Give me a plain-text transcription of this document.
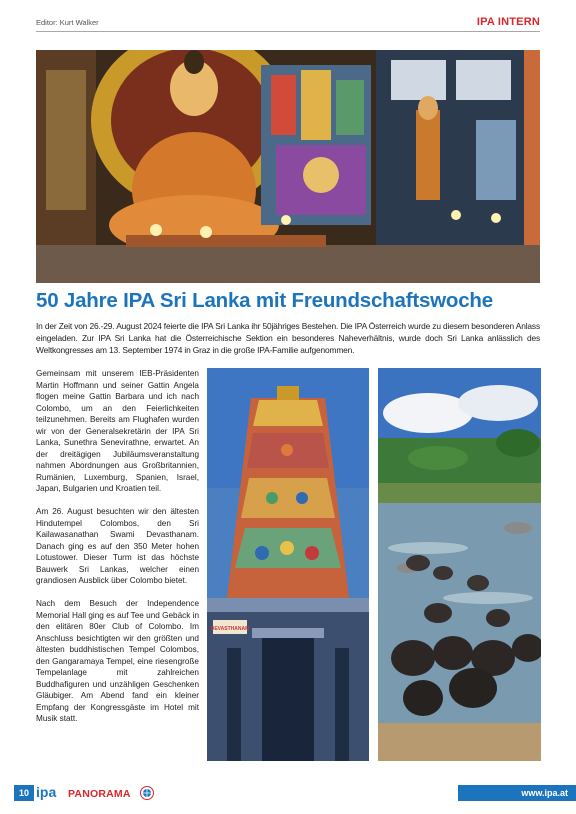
Editor: Kurt Walker	IPA INTERN
50 Jahre IPA Sri Lanka mit Freundschaftswoche

In der Zeit von 26.-29. August 2024 feierte die IPA Sri Lanka ihr 50jähriges Bestehen. Die IPA Österreich wurde zu diesem besonderen Anlass eingeladen. Zur IPA Sri Lanka hat die Österreichische Sektion ein besonderes Naheverhältnis, wurde doch Sri Lanka anlässlich des Weltkongresses am 13. September 1974 in Graz in die große IPA-Familie aufgenommen.

Gemeinsam mit unserem IEB-Präsidenten Martin Hoffmann und seiner Gattin Angela flogen meine Gattin Barbara und ich nach Colombo, um an den Feierlichkeiten teilzunehmen. Bereits am Flughafen wurden wir von der Generalsekretärin der IPA Sri Lanka, Sunethra Senevirathne, erwartet. An der dreitägigen Jubiläumsveranstaltung nahmen Abordnungen aus Großbritannien, Rumänien, Luxemburg, Spanien, Israel, Japan, Bulgarien und Kroatien teil.

Am 26. August besuchten wir den ältesten Hindutempel Colombos, den Sri Kailawasanathan Swami Devasthanam. Danach ging es auf den 350 Meter hohen Lotustower. Dieser Turm ist das höchste Bauwerk Sri Lankas, welcher einen grandiosen Ausblick über Colombo bietet.

Nach dem Besuch der Independence Memorial Hall ging es auf Tee und Gebäck in den elitären 80er Club of Colombo. Im Anschluss besichtigten wir den größten und ältesten buddhistischen Tempel Colombos, den Gangaramaya Tempel, eine riesengroße Tempelanlage mit zahlreichen Buddhafiguren und unzähligen Geschenken Gläubiger. Am Abend fand ein kleiner Empfang der Kongressgäste im Hotel mit Musik statt.

DEVASTHANAM
10 ipa PANORAMA	www.ipa.at
